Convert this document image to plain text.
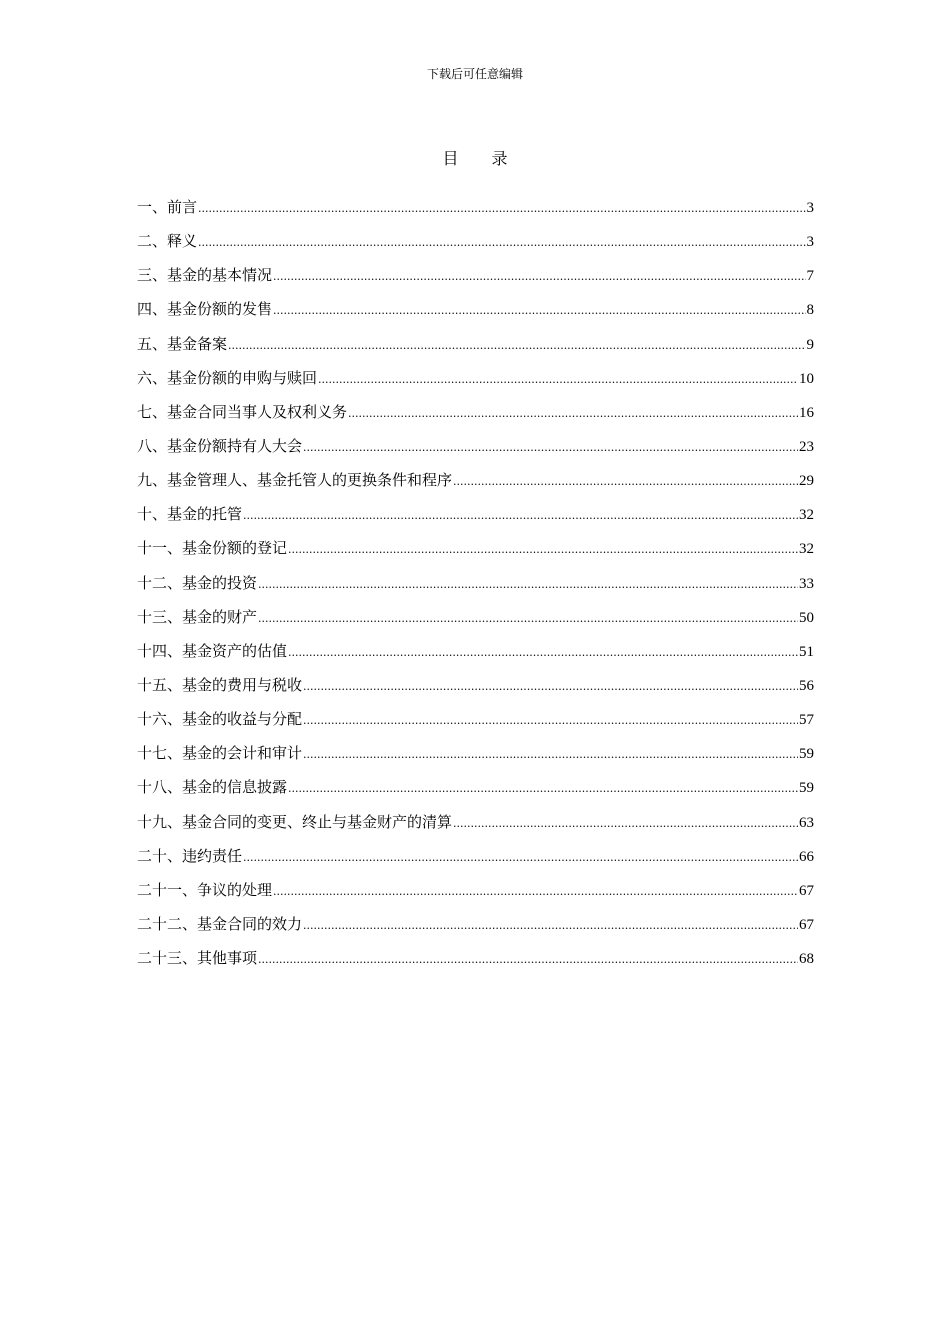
下载后可任意编辑
目 录
一、前言 .....	3
二、释义 .....	3
三、基金的基本情况 .....	7
四、基金份额的发售 .....	8
五、基金备案 .....	9
六、基金份额的申购与赎回 .....	10
七、基金合同当事人及权利义务 .....	16
八、基金份额持有人大会 .....	23
九、基金管理人、基金托管人的更换条件和程序 .....	29
十、基金的托管 .....	32
十一、基金份额的登记 .....	32
十二、基金的投资 .....	33
十三、基金的财产 .....	50
十四、基金资产的估值 .....	51
十五、基金的费用与税收 .....	56
十六、基金的收益与分配 .....	57
十七、基金的会计和审计 .....	59
十八、基金的信息披露 .....	59
十九、基金合同的变更、终止与基金财产的清算 .....	63
二十、违约责任 .....	66
二十一、争议的处理 .....	67
二十二、基金合同的效力 .....	67
二十三、其他事项 .....	68
